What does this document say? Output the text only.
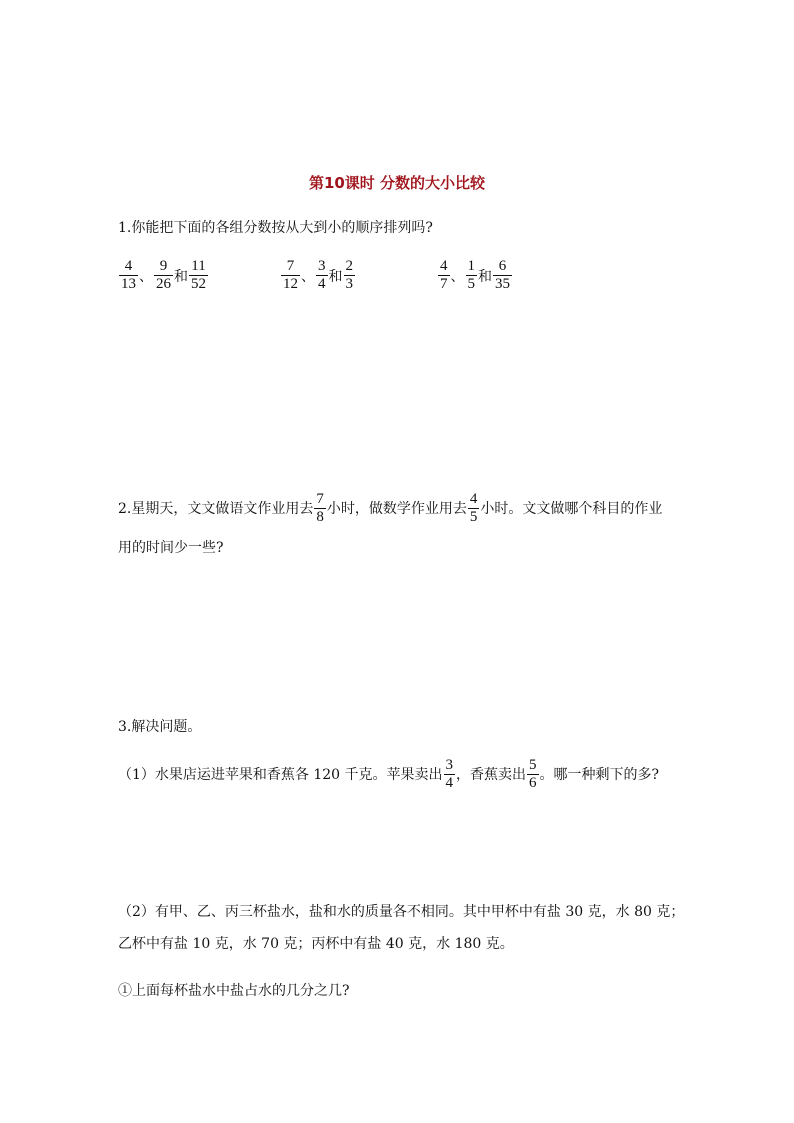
第10课时 分数的大小比较
1.你能把下面的各组分数按从大到小的顺序排列吗?
$\frac{4}{13}$ 、 $\frac{9}{26}$ 和 $\frac{11}{52}$	$\frac{7}{12}$ 、 $\frac{3}{4}$ 和 $\frac{2}{3}$	$\frac{4}{7}$ 、 $\frac{1}{5}$ 和 $\frac{6}{35}$
2.星期天，文文做语文作业用去 $\frac{7}{8}$ 小时，做数学作业用去 $\frac{4}{5}$ 小时。文文做哪个科目的作业
用的时间少一些?
3.解决问题。
（1）水果店运进苹果和香蕉各 120 千克。苹果卖出 $\frac{3}{4}$ ，香蕉卖出 $\frac{5}{6}$ 。哪一种剩下的多?
（2）有甲、乙、丙三杯盐水，盐和水的质量各不相同。其中甲杯中有盐 30 克，水 80 克；
乙杯中有盐 10 克，水 70 克；丙杯中有盐 40 克，水 180 克。
①上面每杯盐水中盐占水的几分之几?
